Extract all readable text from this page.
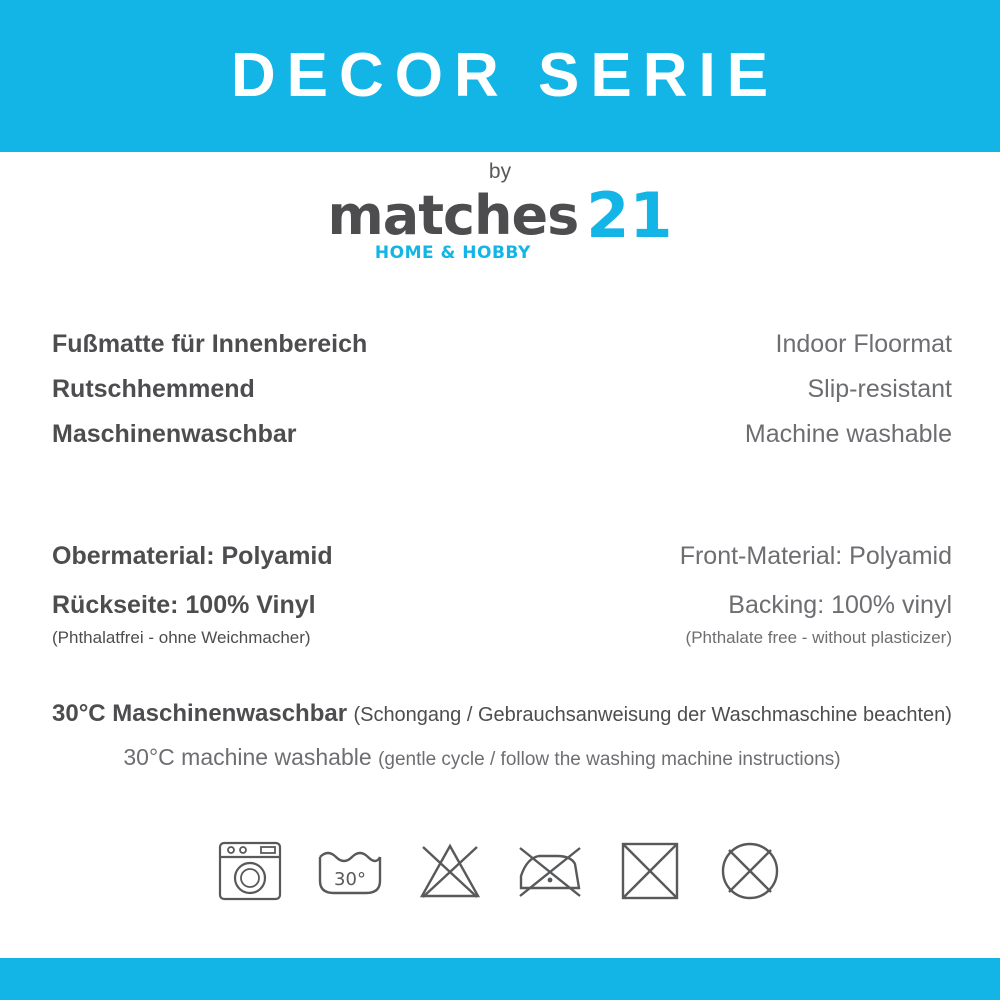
DECOR SERIE
by
matches
HOME & HOBBY
21
Fußmatte für Innenbereich	Indoor Floormat
Rutschhemmend	Slip-resistant
Maschinenwaschbar	Machine washable
Obermaterial: Polyamid	Front-Material: Polyamid
Rückseite: 100% Vinyl	Backing: 100% vinyl
(Phthalatfrei - ohne Weichmacher)	(Phthalate free - without plasticizer)
30°C Maschinenwaschbar (Schongang / Gebrauchsanweisung der Waschmaschine beachten)
30°C machine washable (gentle cycle / follow the washing machine instructions)
30°
